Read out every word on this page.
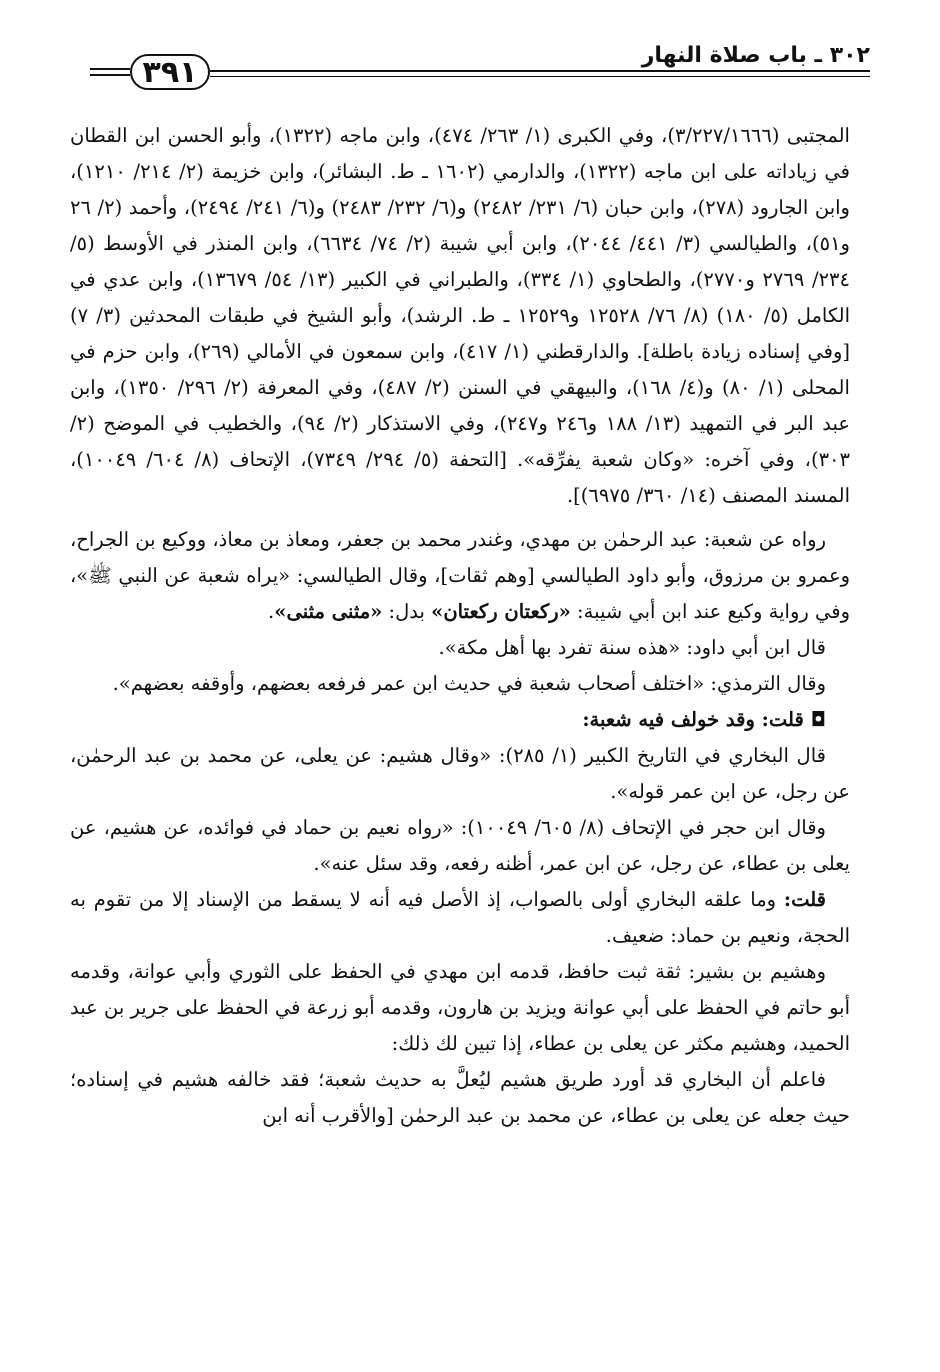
٣٩١	٣٠٢ ـ باب صلاة النهار

المجتبى (٣/٢٢٧/١٦٦٦)، وفي الكبرى (١/ ٢٦٣/ ٤٧٤)، وابن ماجه (١٣٢٢)، وأبو الحسن ابن القطان في زياداته على ابن ماجه (١٣٢٢)، والدارمي (١٦٠٢ ـ ط. البشائر)، وابن خزيمة (٢/ ٢١٤/ ١٢١٠)، وابن الجارود (٢٧٨)، وابن حبان (٦/ ٢٣١/ ٢٤٨٢) و(٦/ ٢٣٢/ ٢٤٨٣) و(٦/ ٢٤١/ ٢٤٩٤)، وأحمد (٢/ ٢٦ و٥١)، والطيالسي (٣/ ٤٤١/ ٢٠٤٤)، وابن أبي شيبة (٢/ ٧٤/ ٦٦٣٤)، وابن المنذر في الأوسط (٥/ ٢٣٤/ ٢٧٦٩ و٢٧٧٠)، والطحاوي (١/ ٣٣٤)، والطبراني في الكبير (١٣/ ٥٤/ ١٣٦٧٩)، وابن عدي في الكامل (٥/ ١٨٠) (٨/ ٧٦/ ١٢٥٢٨ و١٢٥٢٩ ـ ط. الرشد)، وأبو الشيخ في طبقات المحدثين (٣/ ٧) [وفي إسناده زيادة باطلة]. والدارقطني (١/ ٤١٧)، وابن سمعون في الأمالي (٢٦٩)، وابن حزم في المحلى (١/ ٨٠) و(٤/ ١٦٨)، والبيهقي في السنن (٢/ ٤٨٧)، وفي المعرفة (٢/ ٢٩٦/ ١٣٥٠)، وابن عبد البر في التمهيد (١٣/ ١٨٨ و٢٤٦ و٢٤٧)، وفي الاستذكار (٢/ ٩٤)، والخطيب في الموضح (٢/ ٣٠٣)، وفي آخره: «وكان شعبة يفرِّقه». [التحفة (٥/ ٢٩٤/ ٧٣٤٩)، الإتحاف (٨/ ٦٠٤/ ١٠٠٤٩)، المسند المصنف (١٤/ ٣٦٠/ ٦٩٧٥)].

رواه عن شعبة: عبد الرحمٰن بن مهدي، وغندر محمد بن جعفر، ومعاذ بن معاذ، ووكيع بن الجراح، وعمرو بن مرزوق، وأبو داود الطيالسي [وهم ثقات]، وقال الطيالسي: «يراه شعبة عن النبي ﷺ»، وفي رواية وكيع عند ابن أبي شيبة: «ركعتان ركعتان» بدل: «مثنى مثنى».

قال ابن أبي داود: «هذه سنة تفرد بها أهل مكة».

وقال الترمذي: «اختلف أصحاب شعبة في حديث ابن عمر فرفعه بعضهم، وأوقفه بعضهم».

◘ قلت: وقد خولف فيه شعبة:

قال البخاري في التاريخ الكبير (١/ ٢٨٥): «وقال هشيم: عن يعلى، عن محمد بن عبد الرحمٰن، عن رجل، عن ابن عمر قوله».

وقال ابن حجر في الإتحاف (٨/ ٦٠٥/ ١٠٠٤٩): «رواه نعيم بن حماد في فوائده، عن هشيم، عن يعلى بن عطاء، عن رجل، عن ابن عمر، أظنه رفعه، وقد سئل عنه».

قلت: وما علقه البخاري أولى بالصواب، إذ الأصل فيه أنه لا يسقط من الإسناد إلا من تقوم به الحجة، ونعيم بن حماد: ضعيف.

وهشيم بن بشير: ثقة ثبت حافظ، قدمه ابن مهدي في الحفظ على الثوري وأبي عوانة، وقدمه أبو حاتم في الحفظ على أبي عوانة ويزيد بن هارون، وقدمه أبو زرعة في الحفظ على جرير بن عبد الحميد، وهشيم مكثر عن يعلى بن عطاء، إذا تبين لك ذلك:

فاعلم أن البخاري قد أورد طريق هشيم ليُعلَّ به حديث شعبة؛ فقد خالفه هشيم في إسناده؛ حيث جعله عن يعلى بن عطاء، عن محمد بن عبد الرحمٰن [والأقرب أنه ابن
